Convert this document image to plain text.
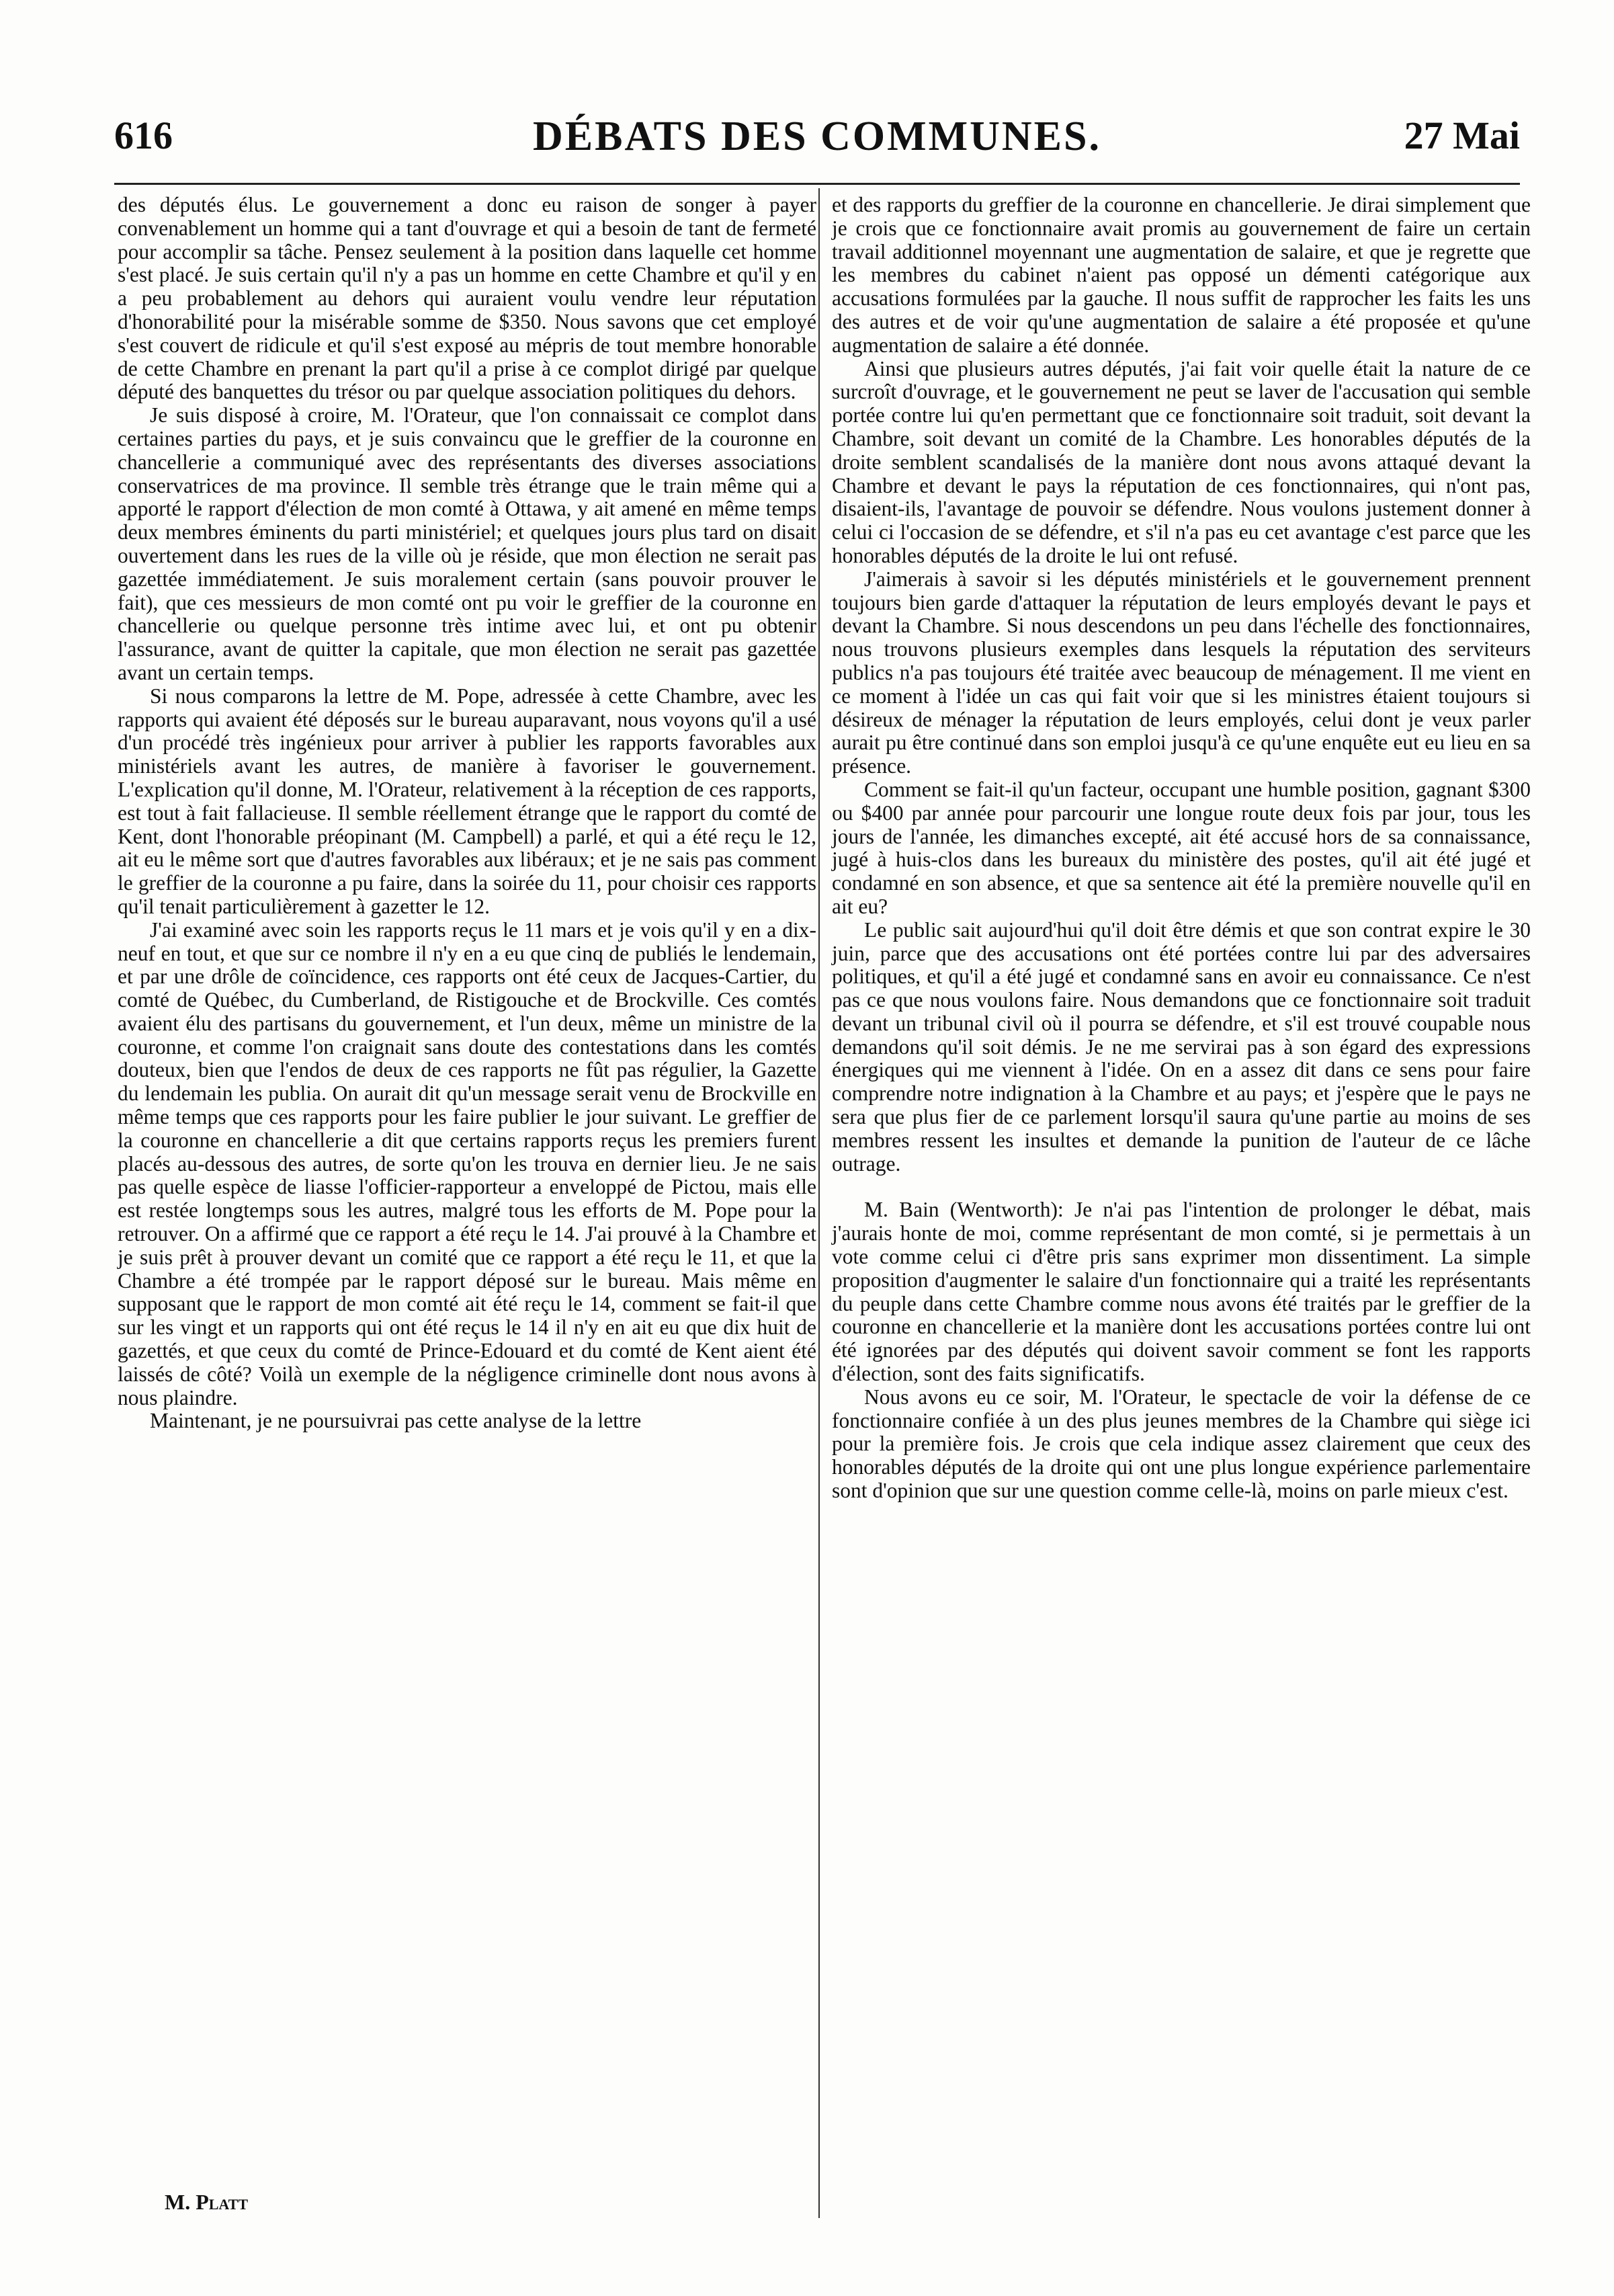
616	DÉBATS DES COMMUNES.	27 Mai

des députés élus. Le gouvernement a donc eu raison de songer à payer convenablement un homme qui a tant d'ouvrage et qui a besoin de tant de fermeté pour accomplir sa tâche. Pensez seulement à la position dans laquelle cet homme s'est placé. Je suis certain qu'il n'y a pas un homme en cette Chambre et qu'il y en a peu probablement au dehors qui auraient voulu vendre leur réputation d'honorabilité pour la misérable somme de $350. Nous savons que cet employé s'est couvert de ridicule et qu'il s'est exposé au mépris de tout membre honorable de cette Chambre en prenant la part qu'il a prise à ce complot dirigé par quelque député des banquettes du trésor ou par quelque association politiques du dehors.

Je suis disposé à croire, M. l'Orateur, que l'on connaissait ce complot dans certaines parties du pays, et je suis convaincu que le greffier de la couronne en chancellerie a communiqué avec des représentants des diverses associations conservatrices de ma province. Il semble très étrange que le train même qui a apporté le rapport d'élection de mon comté à Ottawa, y ait amené en même temps deux membres éminents du parti ministériel; et quelques jours plus tard on disait ouvertement dans les rues de la ville où je réside, que mon élection ne serait pas gazettée immédiatement. Je suis moralement certain (sans pouvoir prouver le fait), que ces messieurs de mon comté ont pu voir le greffier de la couronne en chancellerie ou quelque personne très intime avec lui, et ont pu obtenir l'assurance, avant de quitter la capitale, que mon élection ne serait pas gazettée avant un certain temps.

Si nous comparons la lettre de M. Pope, adressée à cette Chambre, avec les rapports qui avaient été déposés sur le bureau auparavant, nous voyons qu'il a usé d'un procédé très ingénieux pour arriver à publier les rapports favorables aux ministériels avant les autres, de manière à favoriser le gouvernement. L'explication qu'il donne, M. l'Orateur, relativement à la réception de ces rapports, est tout à fait fallacieuse. Il semble réellement étrange que le rapport du comté de Kent, dont l'honorable préopinant (M. Campbell) a parlé, et qui a été reçu le 12, ait eu le même sort que d'autres favorables aux libéraux; et je ne sais pas comment le greffier de la couronne a pu faire, dans la soirée du 11, pour choisir ces rapports qu'il tenait particulièrement à gazetter le 12.

J'ai examiné avec soin les rapports reçus le 11 mars et je vois qu'il y en a dix-neuf en tout, et que sur ce nombre il n'y en a eu que cinq de publiés le lendemain, et par une drôle de coïncidence, ces rapports ont été ceux de Jacques-Cartier, du comté de Québec, du Cumberland, de Ristigouche et de Brockville. Ces comtés avaient élu des partisans du gouvernement, et l'un deux, même un ministre de la couronne, et comme l'on craignait sans doute des contestations dans les comtés douteux, bien que l'endos de deux de ces rapports ne fût pas régulier, la Gazette du lendemain les publia. On aurait dit qu'un message serait venu de Brockville en même temps que ces rapports pour les faire publier le jour suivant. Le greffier de la couronne en chancellerie a dit que certains rapports reçus les premiers furent placés au-dessous des autres, de sorte qu'on les trouva en dernier lieu. Je ne sais pas quelle espèce de liasse l'officier-rapporteur a enveloppé de Pictou, mais elle est restée longtemps sous les autres, malgré tous les efforts de M. Pope pour la retrouver. On a affirmé que ce rapport a été reçu le 14. J'ai prouvé à la Chambre et je suis prêt à prouver devant un comité que ce rapport a été reçu le 11, et que la Chambre a été trompée par le rapport déposé sur le bureau. Mais même en supposant que le rapport de mon comté ait été reçu le 14, comment se fait-il que sur les vingt et un rapports qui ont été reçus le 14 il n'y en ait eu que dix huit de gazettés, et que ceux du comté de Prince-Edouard et du comté de Kent aient été laissés de côté? Voilà un exemple de la négligence criminelle dont nous avons à nous plaindre.

Maintenant, je ne poursuivrai pas cette analyse de la lettre

M. Platt

et des rapports du greffier de la couronne en chancellerie. Je dirai simplement que je crois que ce fonctionnaire avait promis au gouvernement de faire un certain travail additionnel moyennant une augmentation de salaire, et que je regrette que les membres du cabinet n'aient pas opposé un démenti catégorique aux accusations formulées par la gauche. Il nous suffit de rapprocher les faits les uns des autres et de voir qu'une augmentation de salaire a été proposée et qu'une augmentation de salaire a été donnée.

Ainsi que plusieurs autres députés, j'ai fait voir quelle était la nature de ce surcroît d'ouvrage, et le gouvernement ne peut se laver de l'accusation qui semble portée contre lui qu'en permettant que ce fonctionnaire soit traduit, soit devant la Chambre, soit devant un comité de la Chambre. Les honorables députés de la droite semblent scandalisés de la manière dont nous avons attaqué devant la Chambre et devant le pays la réputation de ces fonctionnaires, qui n'ont pas, disaient-ils, l'avantage de pouvoir se défendre. Nous voulons justement donner à celui ci l'occasion de se défendre, et s'il n'a pas eu cet avantage c'est parce que les honorables députés de la droite le lui ont refusé.

J'aimerais à savoir si les députés ministériels et le gouvernement prennent toujours bien garde d'attaquer la réputation de leurs employés devant le pays et devant la Chambre. Si nous descendons un peu dans l'échelle des fonctionnaires, nous trouvons plusieurs exemples dans lesquels la réputation des serviteurs publics n'a pas toujours été traitée avec beaucoup de ménagement. Il me vient en ce moment à l'idée un cas qui fait voir que si les ministres étaient toujours si désireux de ménager la réputation de leurs employés, celui dont je veux parler aurait pu être continué dans son emploi jusqu'à ce qu'une enquête eut eu lieu en sa présence.

Comment se fait-il qu'un facteur, occupant une humble position, gagnant $300 ou $400 par année pour parcourir une longue route deux fois par jour, tous les jours de l'année, les dimanches excepté, ait été accusé hors de sa connaissance, jugé à huis-clos dans les bureaux du ministère des postes, qu'il ait été jugé et condamné en son absence, et que sa sentence ait été la première nouvelle qu'il en ait eu?

Le public sait aujourd'hui qu'il doit être démis et que son contrat expire le 30 juin, parce que des accusations ont été portées contre lui par des adversaires politiques, et qu'il a été jugé et condamné sans en avoir eu connaissance. Ce n'est pas ce que nous voulons faire. Nous demandons que ce fonctionnaire soit traduit devant un tribunal civil où il pourra se défendre, et s'il est trouvé coupable nous demandons qu'il soit démis. Je ne me servirai pas à son égard des expressions énergiques qui me viennent à l'idée. On en a assez dit dans ce sens pour faire comprendre notre indignation à la Chambre et au pays; et j'espère que le pays ne sera que plus fier de ce parlement lorsqu'il saura qu'une partie au moins de ses membres ressent les insultes et demande la punition de l'auteur de ce lâche outrage.

M. Bain (Wentworth): Je n'ai pas l'intention de prolonger le débat, mais j'aurais honte de moi, comme représentant de mon comté, si je permettais à un vote comme celui ci d'être pris sans exprimer mon dissentiment. La simple proposition d'augmenter le salaire d'un fonctionnaire qui a traité les représentants du peuple dans cette Chambre comme nous avons été traités par le greffier de la couronne en chancellerie et la manière dont les accusations portées contre lui ont été ignorées par des députés qui doivent savoir comment se font les rapports d'élection, sont des faits significatifs.

Nous avons eu ce soir, M. l'Orateur, le spectacle de voir la défense de ce fonctionnaire confiée à un des plus jeunes membres de la Chambre qui siège ici pour la première fois. Je crois que cela indique assez clairement que ceux des honorables députés de la droite qui ont une plus longue expérience parlementaire sont d'opinion que sur une question comme celle-là, moins on parle mieux c'est.
